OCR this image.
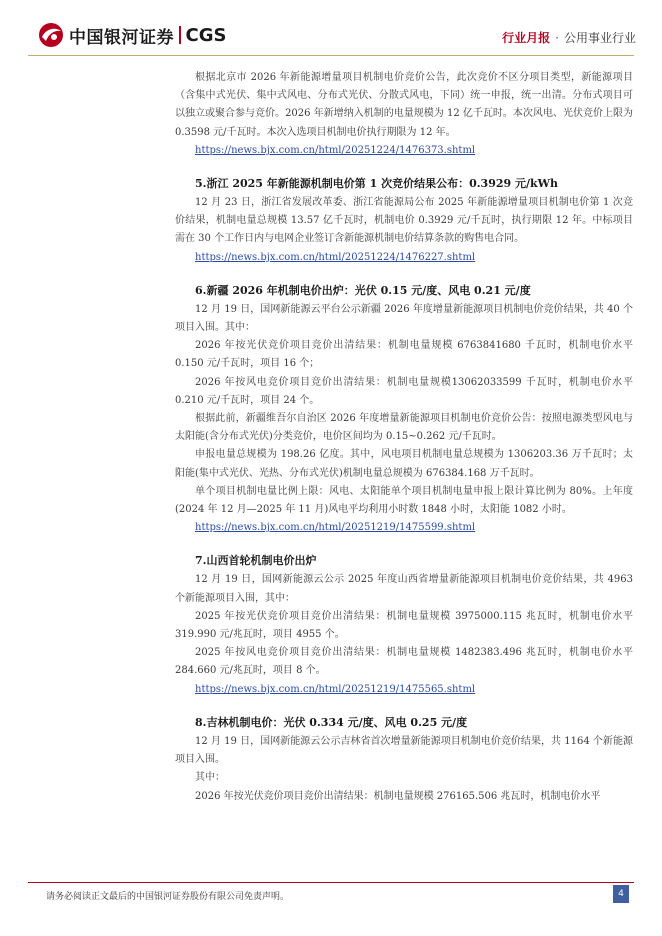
中国银河证券 CGS	行业月报 · 公用事业行业

根据北京市 2026 年新能源增量项目机制电价竞价公告，此次竞价不区分项目类型，新能源项目（含集中式光伏、集中式风电、分布式光伏、分散式风电，下同）统一申报，统一出清。分布式项目可以独立或聚合参与竞价。2026 年新增纳入机制的电量规模为 12 亿千瓦时。本次风电、光伏竞价上限为 0.3598 元/千瓦时。本次入选项目机制电价执行期限为 12 年。

https://news.bjx.com.cn/html/20251224/1476373.shtml

5.浙江 2025 年新能源机制电价第 1 次竞价结果公布：0.3929 元/kWh

12 月 23 日，浙江省发展改革委、浙江省能源局公布 2025 年新能源增量项目机制电价第 1 次竞价结果，机制电量总规模 13.57 亿千瓦时，机制电价 0.3929 元/千瓦时，执行期限 12 年。中标项目需在 30 个工作日内与电网企业签订含新能源机制电价结算条款的购售电合同。

https://news.bjx.com.cn/html/20251224/1476227.shtml

6.新疆 2026 年机制电价出炉：光伏 0.15 元/度、风电 0.21 元/度

12 月 19 日，国网新能源云平台公示新疆 2026 年度增量新能源项目机制电价竞价结果，共 40 个项目入围。其中：

2026 年按光伏竞价项目竞价出清结果：机制电量规模 6763841680 千瓦时，机制电价水平 0.150 元/千瓦时，项目 16 个；

2026 年按风电竞价项目竞价出清结果：机制电量规模13062033599 千瓦时，机制电价水平 0.210 元/千瓦时，项目 24 个。

根据此前，新疆维吾尔自治区 2026 年度增量新能源项目机制电价竞价公告：按照电源类型风电与太阳能(含分布式光伏)分类竞价，电价区间均为 0.15~0.262 元/千瓦时。

申报电量总规模为 198.26 亿度。其中，风电项目机制电量总规模为 1306203.36 万千瓦时；太阳能(集中式光伏、光热、分布式光伏)机制电量总规模为 676384.168 万千瓦时。

单个项目机制电量比例上限：风电、太阳能单个项目机制电量申报上限计算比例为 80%。上年度(2024 年 12 月—2025 年 11 月)风电平均利用小时数 1848 小时，太阳能 1082 小时。

https://news.bjx.com.cn/html/20251219/1475599.shtml

7.山西首轮机制电价出炉

12 月 19 日，国网新能源云公示 2025 年度山西省增量新能源项目机制电价竞价结果，共 4963 个新能源项目入围，其中：

2025 年按光伏竞价项目竞价出清结果：机制电量规模 3975000.115 兆瓦时，机制电价水平 319.990 元/兆瓦时，项目 4955 个。

2025 年按风电竞价项目竞价出清结果：机制电量规模 1482383.496 兆瓦时，机制电价水平 284.660 元/兆瓦时，项目 8 个。

https://news.bjx.com.cn/html/20251219/1475565.shtml

8.吉林机制电价：光伏 0.334 元/度、风电 0.25 元/度

12 月 19 日，国网新能源云公示吉林省首次增量新能源项目机制电价竞价结果，共 1164 个新能源项目入围。

其中：

2026 年按光伏竞价项目竞价出清结果：机制电量规模 276165.506 兆瓦时，机制电价水平

请务必阅读正文最后的中国银河证券股份有限公司免责声明。	4
